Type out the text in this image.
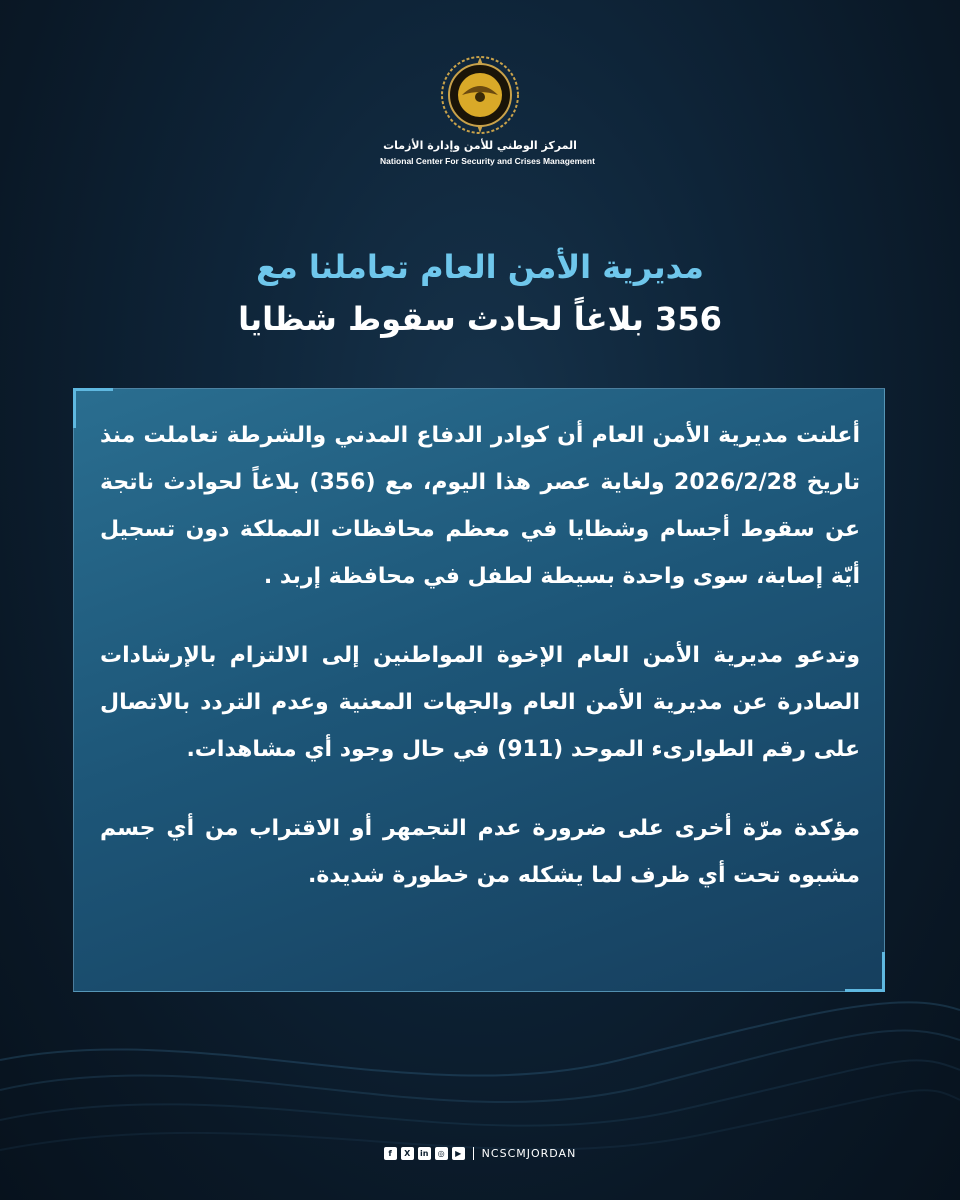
المركز الوطني للأمن وإدارة الأزمات
National Center For Security and Crises Management
مديرية الأمن العام تعاملنا مع
356 بلاغاً لحادث سقوط شظايا

أعلنت مديرية الأمن العام أن كوادر الدفاع المدني والشرطة تعاملت منذ تاريخ 2026/2/28 ولغاية عصر هذا اليوم، مع (356) بلاغاً لحوادث ناتجة عن سقوط أجسام وشظايا في معظم محافظات المملكة دون تسجيل أيّة إصابة، سوى واحدة بسيطة لطفل في محافظة إربد .

وتدعو مديرية الأمن العام الإخوة المواطنين إلى الالتزام بالإرشادات الصادرة عن مديرية الأمن العام والجهات المعنية وعدم التردد بالاتصال على رقم الطوارىء الموحد (911) في حال وجود أي مشاهدات.

مؤكدة مرّة أخرى على ضرورة عدم التجمهر أو الاقتراب من أي جسم مشبوه تحت أي ظرف لما يشكله من خطورة شديدة.

f	X	in	◎	▶	NCSCMJORDAN
